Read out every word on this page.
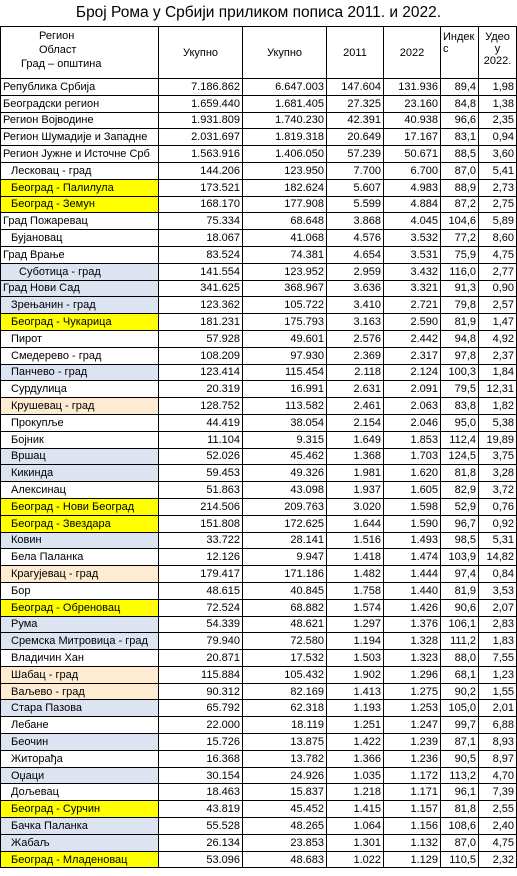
Број Рома у Србији приликом пописа 2011. и 2022.
Регион
Област
Град – општина	Укупно	Укупно	2011	2022	Индекс	Удео у 2022.
Република Србија	7.186.862	6.647.003	147.604	131.936	89,4	1,98
Београдски регион	1.659.440	1.681.405	27.325	23.160	84,8	1,38
Регион Војводине	1.931.809	1.740.230	42.391	40.938	96,6	2,35
Регион Шумадије и Западне	2.031.697	1.819.318	20.649	17.167	83,1	0,94
Регион Јужне и Источне Срб	1.563.916	1.406.050	57.239	50.671	88,5	3,60
Лесковац - град	144.206	123.950	7.700	6.700	87,0	5,41
Београд - Палилула	173.521	182.624	5.607	4.983	88,9	2,73
Београд - Земун	168.170	177.908	5.599	4.884	87,2	2,75
Град Пожаревац	75.334	68.648	3.868	4.045	104,6	5,89
Бујановац	18.067	41.068	4.576	3.532	77,2	8,60
Град Врање	83.524	74.381	4.654	3.531	75,9	4,75
Суботица - град	141.554	123.952	2.959	3.432	116,0	2,77
Град Нови Сад	341.625	368.967	3.636	3.321	91,3	0,90
Зрењанин - град	123.362	105.722	3.410	2.721	79,8	2,57
Београд - Чукарица	181.231	175.793	3.163	2.590	81,9	1,47
Пирот	57.928	49.601	2.576	2.442	94,8	4,92
Смедерево - град	108.209	97.930	2.369	2.317	97,8	2,37
Панчево - град	123.414	115.454	2.118	2.124	100,3	1,84
Сурдулица	20.319	16.991	2.631	2.091	79,5	12,31
Крушевац - град	128.752	113.582	2.461	2.063	83,8	1,82
Прокупље	44.419	38.054	2.154	2.046	95,0	5,38
Бојник	11.104	9.315	1.649	1.853	112,4	19,89
Вршац	52.026	45.462	1.368	1.703	124,5	3,75
Кикинда	59.453	49.326	1.981	1.620	81,8	3,28
Алексинац	51.863	43.098	1.937	1.605	82,9	3,72
Београд - Нови Београд	214.506	209.763	3.020	1.598	52,9	0,76
Београд - Звездара	151.808	172.625	1.644	1.590	96,7	0,92
Ковин	33.722	28.141	1.516	1.493	98,5	5,31
Бела Паланка	12.126	9.947	1.418	1.474	103,9	14,82
Крагујевац - град	179.417	171.186	1.482	1.444	97,4	0,84
Бор	48.615	40.845	1.758	1.440	81,9	3,53
Београд - Обреновац	72.524	68.882	1.574	1.426	90,6	2,07
Рума	54.339	48.621	1.297	1.376	106,1	2,83
Сремска Митровица - град	79.940	72.580	1.194	1.328	111,2	1,83
Владичин Хан	20.871	17.532	1.503	1.323	88,0	7,55
Шабац - град	115.884	105.432	1.902	1.296	68,1	1,23
Ваљево - град	90.312	82.169	1.413	1.275	90,2	1,55
Стара Пазова	65.792	62.318	1.193	1.253	105,0	2,01
Лебане	22.000	18.119	1.251	1.247	99,7	6,88
Беочин	15.726	13.875	1.422	1.239	87,1	8,93
Житорађа	16.368	13.782	1.366	1.236	90,5	8,97
Оџаци	30.154	24.926	1.035	1.172	113,2	4,70
Дољевац	18.463	15.837	1.218	1.171	96,1	7,39
Београд - Сурчин	43.819	45.452	1.415	1.157	81,8	2,55
Бачка Паланка	55.528	48.265	1.064	1.156	108,6	2,40
Жабаљ	26.134	23.853	1.301	1.132	87,0	4,75
Београд - Младеновац	53.096	48.683	1.022	1.129	110,5	2,32
